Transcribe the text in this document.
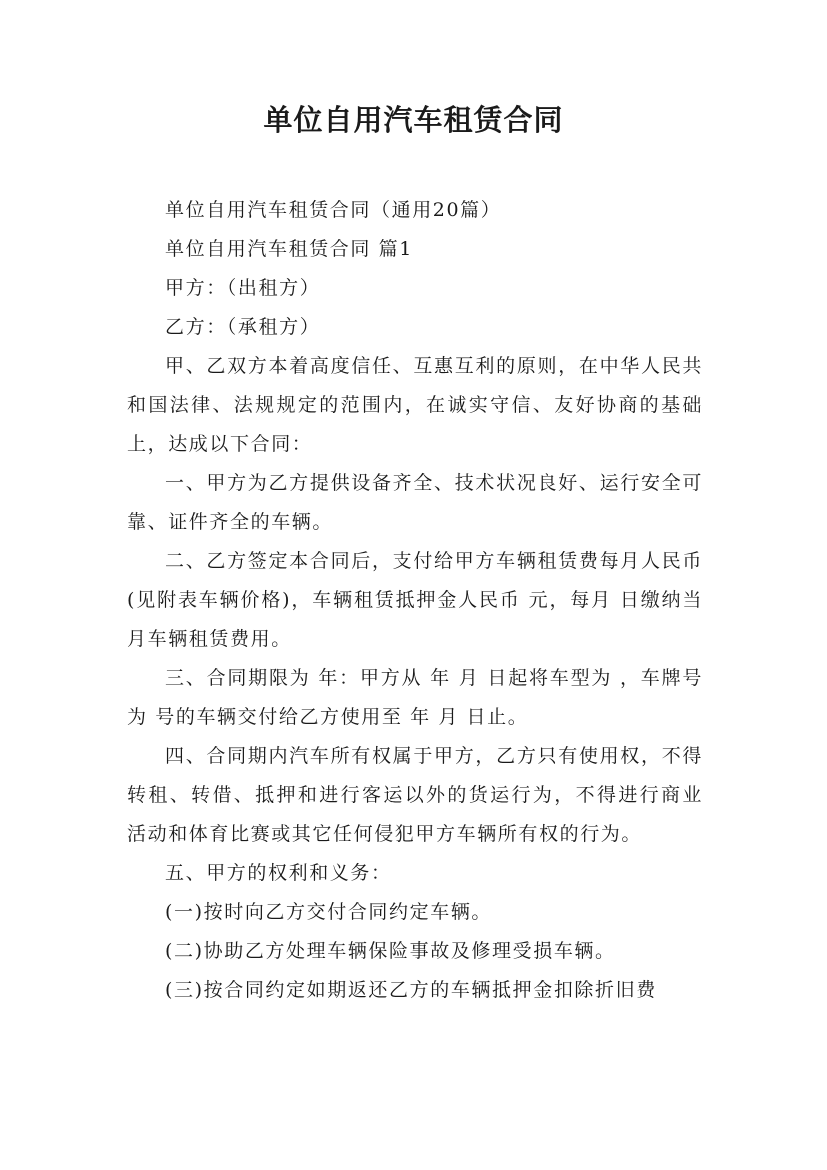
单位自用汽车租赁合同

单位自用汽车租赁合同（通用20篇）

单位自用汽车租赁合同 篇1

甲方：（出租方）

乙方：（承租方）

甲、乙双方本着高度信任、互惠互利的原则，在中华人民共和国法律、法规规定的范围内，在诚实守信、友好协商的基础上，达成以下合同：

一、甲方为乙方提供设备齐全、技术状况良好、运行安全可靠、证件齐全的车辆。

二、乙方签定本合同后，支付给甲方车辆租赁费每月人民币(见附表车辆价格)，车辆租赁抵押金人民币 元，每月 日缴纳当月车辆租赁费用。

三、合同期限为 年：甲方从 年 月 日起将车型为 ，车牌号为 号的车辆交付给乙方使用至 年 月 日止。

四、合同期内汽车所有权属于甲方，乙方只有使用权，不得转租、转借、抵押和进行客运以外的货运行为，不得进行商业活动和体育比赛或其它任何侵犯甲方车辆所有权的行为。

五、甲方的权利和义务：

(一)按时向乙方交付合同约定车辆。

(二)协助乙方处理车辆保险事故及修理受损车辆。

(三)按合同约定如期返还乙方的车辆抵押金扣除折旧费
